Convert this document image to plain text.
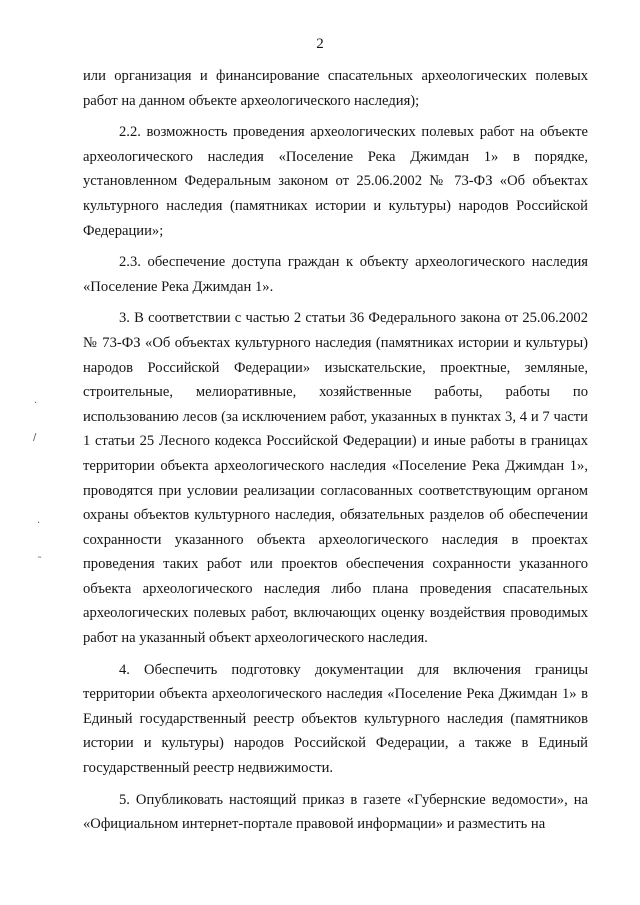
2

или организация и финансирование спасательных археологических полевых работ на данном объекте археологического наследия);

2.2. возможность проведения археологических полевых работ на объекте археологического наследия «Поселение Река Джимдан 1» в порядке, установленном Федеральным законом от 25.06.2002 № 73-ФЗ «Об объектах культурного наследия (памятниках истории и культуры) народов Российской Федерации»;

2.3. обеспечение доступа граждан к объекту археологического наследия «Поселение Река Джимдан 1».

3. В соответствии с частью 2 статьи 36 Федерального закона от 25.06.2002 № 73-ФЗ «Об объектах культурного наследия (памятниках истории и культуры) народов Российской Федерации» изыскательские, проектные, земляные, строительные, мелиоративные, хозяйственные работы, работы по использованию лесов (за исключением работ, указанных в пунктах 3, 4 и 7 части 1 статьи 25 Лесного кодекса Российской Федерации) и иные работы в границах территории объекта археологического наследия «Поселение Река Джимдан 1», проводятся при условии реализации согласованных соответствующим органом охраны объектов культурного наследия, обязательных разделов об обеспечении сохранности указанного объекта археологического наследия в проектах проведения таких работ или проектов обеспечения сохранности указанного объекта археологического наследия либо плана проведения спасательных археологических полевых работ, включающих оценку воздействия проводимых работ на указанный объект археологического наследия.

4. Обеспечить подготовку документации для включения границы территории объекта археологического наследия «Поселение Река Джимдан 1» в Единый государственный реестр объектов культурного наследия (памятников истории и культуры) народов Российской Федерации, а также в Единый государственный реестр недвижимости.

5. Опубликовать настоящий приказ в газете «Губернские ведомости», на «Официальном интернет-портале правовой информации» и разместить на

·
/
·
˜
